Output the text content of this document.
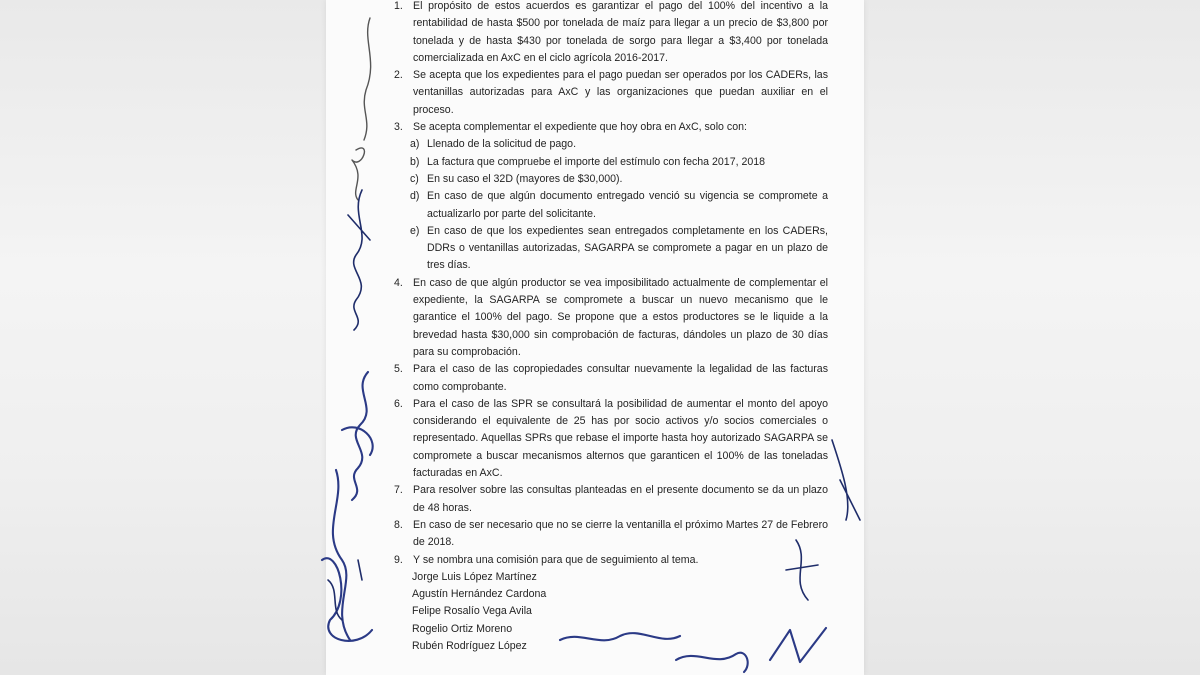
1. El propósito de estos acuerdos es garantizar el pago del 100% del incentivo a la rentabilidad de hasta $500 por tonelada de maíz para llegar a un precio de $3,800 por tonelada y de hasta $430 por tonelada de sorgo para llegar a $3,400 por tonelada comercializada en AxC en el ciclo agrícola 2016-2017.
2. Se acepta que los expedientes para el pago puedan ser operados por los CADERs, las ventanillas autorizadas para AxC y las organizaciones que puedan auxiliar en el proceso.
3. Se acepta complementar el expediente que hoy obra en AxC, solo con:
a) Llenado de la solicitud de pago.
b) La factura que compruebe el importe del estímulo con fecha 2017, 2018
c) En su caso el 32D (mayores de $30,000).
d) En caso de que algún documento entregado venció su vigencia se compromete a actualizarlo por parte del solicitante.
e) En caso de que los expedientes sean entregados completamente en los CADERs, DDRs o ventanillas autorizadas, SAGARPA se compromete a pagar en un plazo de tres días.
4. En caso de que algún productor se vea imposibilitado actualmente de complementar el expediente, la SAGARPA se compromete a buscar un nuevo mecanismo que le garantice el 100% del pago. Se propone que a estos productores se le liquide a la brevedad hasta $30,000 sin comprobación de facturas, dándoles un plazo de 30 días para su comprobación.
5. Para el caso de las copropiedades consultar nuevamente la legalidad de las facturas como comprobante.
6. Para el caso de las SPR se consultará la posibilidad de aumentar el monto del apoyo considerando el equivalente de 25 has por socio activos y/o socios comerciales o representado. Aquellas SPRs que rebase el importe hasta hoy autorizado SAGARPA se compromete a buscar mecanismos alternos que garanticen el 100% de las toneladas facturadas en AxC.
7. Para resolver sobre las consultas planteadas en el presente documento se da un plazo de 48 horas.
8. En caso de ser necesario que no se cierre la ventanilla el próximo Martes 27 de Febrero de 2018.
9. Y se nombra una comisión para que de seguimiento al tema.
Jorge Luis López Martínez
Agustín Hernández Cardona
Felipe Rosalío Vega Avila
Rogelio Ortiz Moreno
Rubén Rodríguez López
